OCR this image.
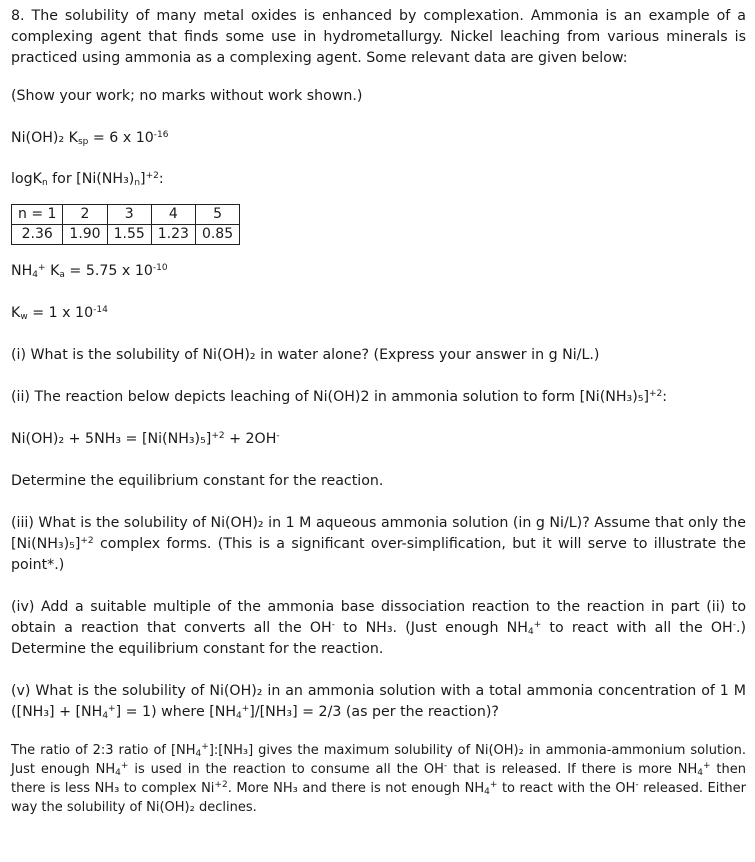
8. The solubility of many metal oxides is enhanced by complexation. Ammonia is an example of a complexing agent that finds some use in hydrometallurgy. Nickel leaching from various minerals is practiced using ammonia as a complexing agent. Some relevant data are given below:

(Show your work; no marks without work shown.)

Ni(OH)₂ $K_{sp} = 6$ x $10^{-16}$

logK$_n$ for $[Ni(NH_3)_n]^{+2}$:

n = 1	2	3	4	5
2.36	1.90	1.55	1.23	0.85

$NH_4^+$ $K_a = 5.75$ x $10^{-10}$

$K_w = 1$ x $10^{-14}$

(i) What is the solubility of Ni(OH)₂ in water alone? (Express your answer in g Ni/L.)

(ii) The reaction below depicts leaching of Ni(OH)2 in ammonia solution to form $[Ni(NH_3)_5]^{+2}$:

$Ni(OH)_2 + 5NH_3 = [Ni(NH_3)_5]^{+2} + 2OH^-$

Determine the equilibrium constant for the reaction.

(iii) What is the solubility of Ni(OH)₂ in 1 M aqueous ammonia solution (in g Ni/L)? Assume that only the $[Ni(NH_3)_5]^{+2}$ complex forms. (This is a significant over-simplification, but it will serve to illustrate the point*.)

(iv) Add a suitable multiple of the ammonia base dissociation reaction to the reaction in part (ii) to obtain a reaction that converts all the OH- to NH₃. (Just enough $NH_4^+$ to react with all the OH-.) Determine the equilibrium constant for the reaction.

(v) What is the solubility of Ni(OH)₂ in an ammonia solution with a total ammonia concentration of 1 M $([NH_3] + [NH_4^+] = 1)$ where $[NH_4^+]/[NH_3] = 2/3$ (as per the reaction)?

The ratio of 2:3 ratio of $[NH_4^+]:[NH_3]$ gives the maximum solubility of Ni(OH)₂ in ammonia-ammonium solution. Just enough $NH_4^+$ is used in the reaction to consume all the OH- that is released. If there is more $NH_4^+$ then there is less NH₃ to complex $Ni^{+2}$. More NH₃ and there is not enough $NH_4^+$ to react with the OH- released. Either way the solubility of Ni(OH)₂ declines.
